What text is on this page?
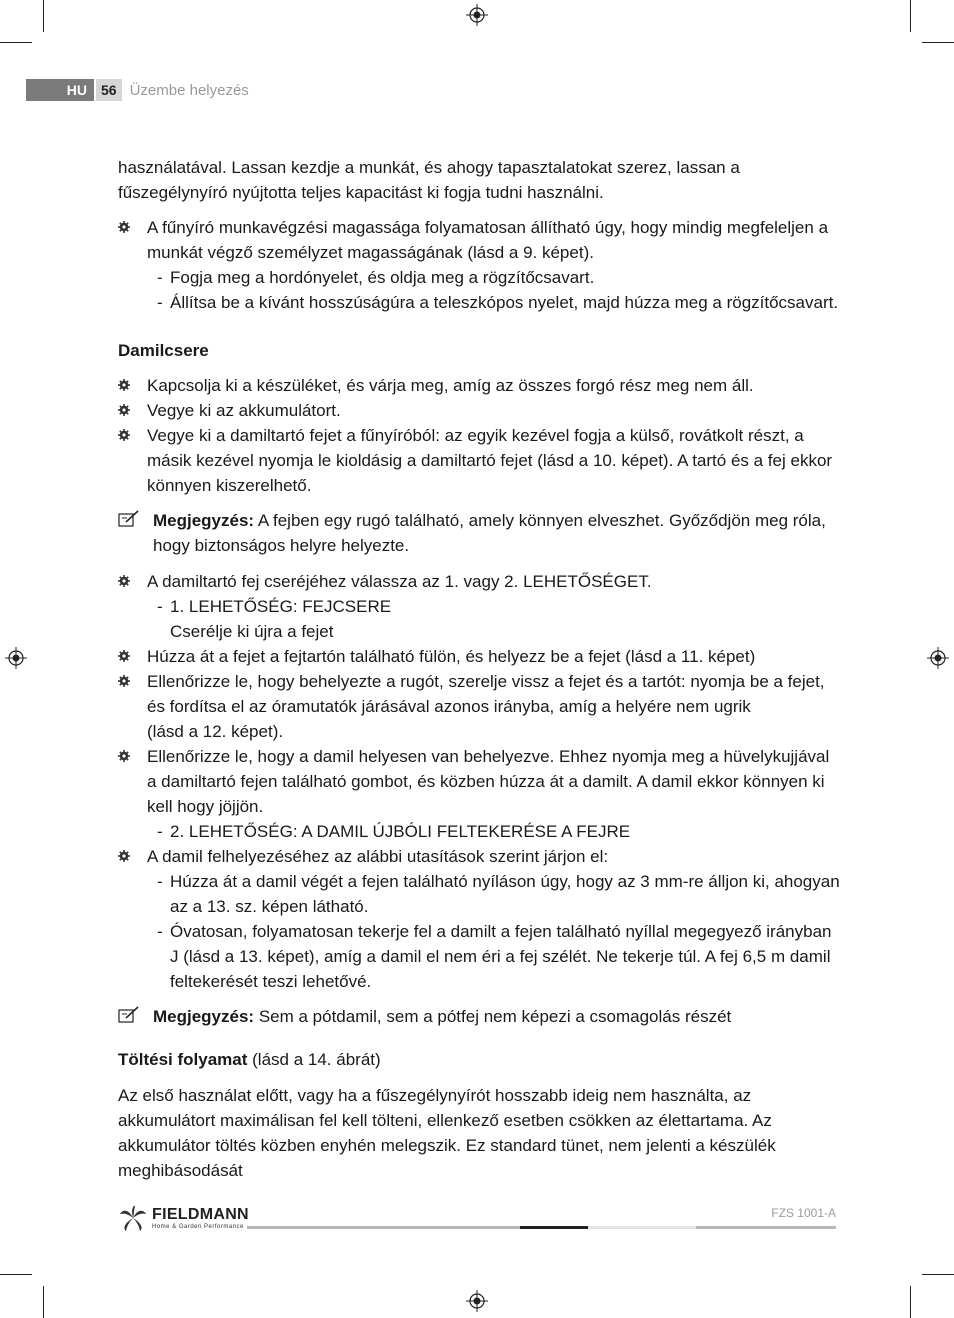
HU	56 Üzembe helyezés

használatával. Lassan kezdje a munkát, és ahogy tapasztalatokat szerez, lassan a fűszegélynyíró nyújtotta teljes kapacitást ki fogja tudni használni.

A fűnyíró munkavégzési magassága folyamatosan állítható úgy, hogy mindig megfeleljen a munkát végző személyzet magasságának (lásd a 9. képet).

- Fogja meg a hordónyelet, és oldja meg a rögzítőcsavart.

- Állítsa be a kívánt hosszúságúra a teleszkópos nyelet, majd húzza meg a rögzítőcsavart.

Damilcsere

Kapcsolja ki a készüléket, és várja meg, amíg az összes forgó rész meg nem áll.

Vegye ki az akkumulátort.

Vegye ki a damiltartó fejet a fűnyíróból: az egyik kezével fogja a külső, rovátkolt részt, a másik kezével nyomja le kioldásig a damiltartó fejet (lásd a 10. képet). A tartó és a fej ekkor könnyen kiszerelhető.

Megjegyzés: A fejben egy rugó található, amely könnyen elveszhet. Győződjön meg róla, hogy biztonságos helyre helyezte.

A damiltartó fej cseréjéhez válassza az 1. vagy 2. LEHETŐSÉGET.

- 1. LEHETŐSÉG: FEJCSERE

Cserélje ki újra a fejet

Húzza át a fejet a fejtartón található fülön, és helyezz be a fejet (lásd a 11. képet)

Ellenőrizze le, hogy behelyezte a rugót, szerelje vissz a fejet és a tartót: nyomja be a fejet, és fordítsa el az óramutatók járásával azonos irányba, amíg a helyére nem ugrik
(lásd a 12. képet).

Ellenőrizze le, hogy a damil helyesen van behelyezve. Ehhez nyomja meg a hüvelykujjával a damiltartó fejen található gombot, és közben húzza át a damilt. A damil ekkor könnyen ki kell hogy jöjjön.

- 2. LEHETŐSÉG: A DAMIL ÚJBÓLI FELTEKERÉSE A FEJRE

A damil felhelyezéséhez az alábbi utasítások szerint járjon el:

- Húzza át a damil végét a fejen található nyíláson úgy, hogy az 3 mm-re álljon ki, ahogyan az a 13. sz. képen látható.

- Óvatosan, folyamatosan tekerje fel a damilt a fejen található nyíllal megegyező irányban J (lásd a 13. képet), amíg a damil el nem éri a fej szélét. Ne tekerje túl. A fej 6,5 m damil feltekerését teszi lehetővé.

Megjegyzés: Sem a pótdamil, sem a pótfej nem képezi a csomagolás részét

Töltési folyamat (lásd a 14. ábrát)

Az első használat előtt, vagy ha a fűszegélynyírót hosszabb ideig nem használta, az akkumulátort maximálisan fel kell tölteni, ellenkező esetben csökken az élettartama. Az akkumulátor töltés közben enyhén melegszik. Ez standard tünet, nem jelenti a készülék meghibásodását

FIELDMANN
Home & Garden Performance
FZS 1001-A
